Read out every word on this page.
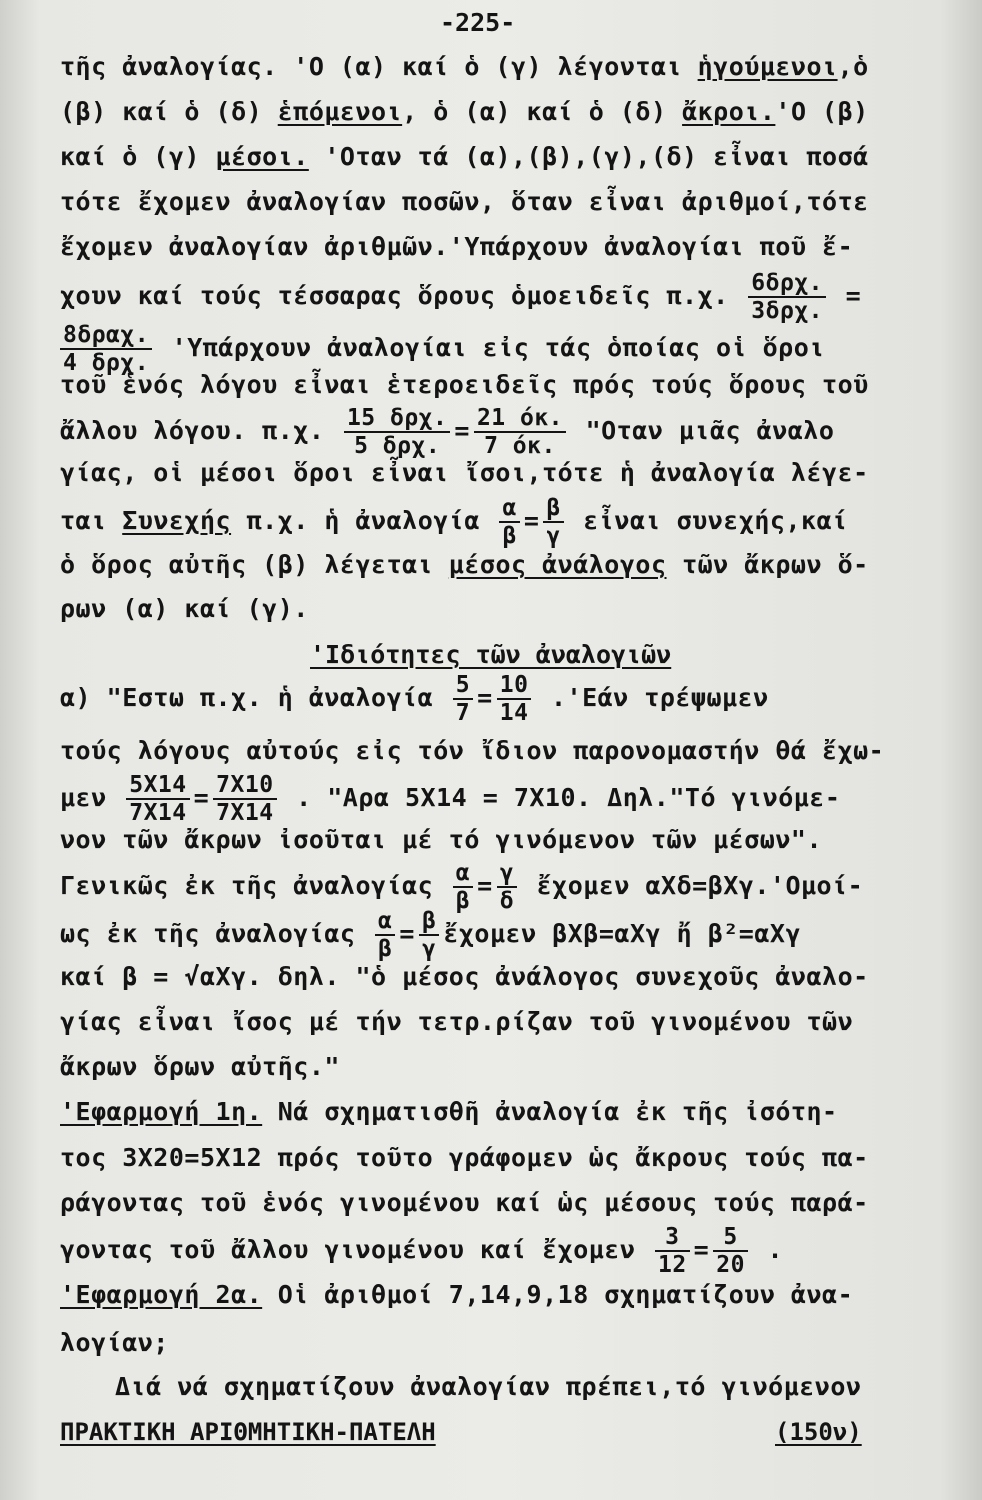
-225-
τῆς ἀναλογίας. 'Ο (α) καί ὁ (γ) λέγονται ἡγούμενοι,ὁ
(β) καί ὁ (δ) ἑπόμενοι, ὁ (α) καί ὁ (δ) ἄκροι.'Ο (β)
καί ὁ (γ) μέσοι. 'Οταν τά (α),(β),(γ),(δ) εἶναι ποσά
τότε ἔχομεν ἀναλογίαν ποσῶν, ὅταν εἶναι ἀριθμοί,τότε
ἔχομεν ἀναλογίαν ἀριθμῶν.'Υπάρχουν ἀναλογίαι ποῦ ἔ-
χουν καί τούς τέσσαρας ὅρους ὁμοειδεῖς π.χ. $\frac{\text{6δρχ.}}{\text{3δρχ.}}$ =
$\frac{\text{8δραχ.}}{\text{4 δρχ.}}$ 'Υπάρχουν ἀναλογίαι εἰς τάς ὁποίας οἱ ὅροι
τοῦ ἑνός λόγου εἶναι ἑτεροειδεῖς πρός τούς ὅρους τοῦ
ἄλλου λόγου. π.χ. $\frac{\text{15 δρχ.}}{\text{5 δρχ.}} = \frac{21 ό\kappa.}{7 ό\kappa.}$ "Οταν μιᾶς ἀναλο
γίας, οἱ μέσοι ὅροι εἶναι ἴσοι,τότε ἡ ἀναλογία λέγε-
ται Συνεχής π.χ. ἡ ἀναλογία $\frac{\alpha}{\beta} = \frac{\beta}{\gamma}$ εἶναι συνεχής,καί
ὁ ὅρος αὐτῆς (β) λέγεται μέσος ἀνάλογος τῶν ἄκρων ὅ-
ρων (α) καί (γ).
'Ιδιότητες τῶν ἀναλογιῶν
α) "Εστω π.χ. ἡ ἀναλογία $\frac{5}{7} = \frac{10}{14} .'Eά\nu$ τρέψωμεν
τούς λόγους αὐτούς εἰς τόν ἴδιον παρονομαστήν θά ἔχω-
μεν $\frac{5X14}{7X14} = \frac{7X10}{7X14}$ . "Αρα 5Χ14 = 7Χ10. Δηλ."Τό γινόμε-
νον τῶν ἄκρων ἰσοῦται μέ τό γινόμενον τῶν μέσων".
Γενικῶς ἐκ τῆς ἀναλογίας $\frac{\alpha}{\beta} = \frac{\gamma}{\delta}$ ἔχομεν αΧδ=βΧγ.'Ομοί-
ως ἐκ τῆς ἀναλογίας $\frac{\alpha}{\beta} = \frac{\beta}{\gamma}$ ἔχομεν βΧβ=αΧγ ἤ β²=αΧγ
καί β = √αΧγ. δηλ. "ὁ μέσος ἀνάλογος συνεχοῦς ἀναλο-
γίας εἶναι ἴσος μέ τήν τετρ.ρίζαν τοῦ γινομένου τῶν
ἄκρων ὅρων αὐτῆς."
'Εφαρμογή 1η. Νά σχηματισθῆ ἀναλογία ἐκ τῆς ἰσότη-
τος 3Χ20=5Χ12 πρός τοῦτο γράφομεν ὡς ἄκρους τούς πα-
ράγοντας τοῦ ἑνός γινομένου καί ὡς μέσους τούς παρά-
γοντας τοῦ ἄλλου γινομένου καί ἔχομεν $\frac{3}{12} = \frac{5}{20}$ .
'Εφαρμογή 2α. Οἱ ἀριθμοί 7,14,9,18 σχηματίζουν ἀνα-
λογίαν;
Διά νά σχηματίζουν ἀναλογίαν πρέπει,τό γινόμενον
ΠΡΑΚΤΙΚΗ ΑΡΙΘΜΗΤΙΚΗ-ΠΑΤΕΛΗ	(150ν)
